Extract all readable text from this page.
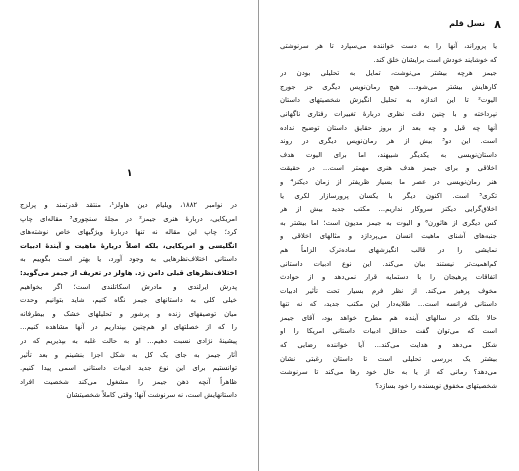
۱
در نوامبر ۱۸۸۲، ویلیام دین هاولز¹، منتقد قدرتمند و پرلزج
امریکایی، دربارهٔ هنری جیمز² در مجلهٔ سنچوری³ مقاله‌ای چاپ
کرد؛ چاپ این مقاله نه تنها دربارهٔ ویژگیهای خاص نوشته‌های
انگلیسی و امریکایی، بلکه اصلاً دربارهٔ ماهیت و آیندهٔ ادبیات
داستانی اختلاف‌نظرهایی به وجود آورد، یا بهتر است بگوییم به
اختلاف‌نظرهای قبلی دامن زد. هاولز در تعریف از جیمز می‌گوید:
پدرش ایرلندی و مادرش اسکاتلندی است؛ اگر بخواهیم
خیلی کلی به داستانهای جیمز نگاه کنیم، شاید بتوانیم وحدت
میان توصیفهای زنده و پرشور و تحلیلهای خشک و بیطرفانه
را که از خصلتهای او هم‌چنین بپنداریم در آنها مشاهده کنیم...
پیشینهٔ نژادی نسبت دهیم... او به حالت غلبه به بپذیریم که در
آثار جیمز به جای یک کل به شکل اجزا بنشینم و بعد تأثیر
توانستیم برای این نوع جدید ادبیات داستانی اسمی پیدا کنیم.
ظاهراً آنچه ذهن جیمز را مشغول می‌کند شخصیت افراد
داستانهایش است، نه سرنوشت آنها؛ وقتی کاملاً شخصیتشان
۸
نسل قلم
یا پروراند، آنها را به دست خواننده می‌سپارد تا هر سرنوشتی
که خوشایند خودش است برایشان خلق کند.
جیمز هرچه بیشتر می‌نوشت، تمایل به تحلیلی بودن در
کارهایش بیشتر می‌شود... هیچ رمان‌نویس دیگری جز جورج
الیوت² تا این اندازه به تحلیل انگیزش شخصیتهای داستان
نپرداخته و با چنین دقت نظری دربارهٔ تغییرات رفتاری ناگهانی
آنها چه قبل و چه بعد از بروز حقایق داستان توضیح نداده
است. این دو³ بیش از هر رمان‌نویس دیگری در روند
داستان‌نویسی به یکدیگر شبیهند، اما برای الیوت هدف
اخلاقی و برای جیمز هدف هنری مهمتر است... در حقیقت
هنر رمان‌نویسی در عصر ما بسیار ظریفتر از زمان دیکنز⁴ و
تکری⁵ است. اکنون دیگر با یکسان پرورسازار لکری یا
اخلاق‌گرایی دیکنز سروکار نداریم... مکتب جدید بیش از هر
کس دیگری از هاثورن⁶ و الیوت به جیمز مدیون است؛ اما بیشتر به
جنبه‌های آشنای ماهیت انسان می‌پردازد و مثالهای اخلاقی و
نمایشی را در قالب انگیزشهای ساده‌ترک الزاماً هم
کم‌اهمیت‌تر نیستند بیان می‌کند. این نوع ادبیات داستانی
اتفاقات پرهیجان را با دستمایه قرار نمی‌دهد و از حوادث
مخوف پرهیز می‌کند. از نظر فرم بسیار تحت تأثیر ادبیات
داستانی فرانسه است... طلایه‌دار این مکتب جدید، که نه تنها
حالا بلکه در سالهای آینده هم مطرح خواهد بود، آقای جیمز
است که می‌توان گفت حداقل ادبیات داستانی امریکا را او
شکل می‌دهد و هدایت می‌کند... آیا خواننده رضایی که
بیشتر یک بررسی تحلیلی است تا داستان رغبتی نشان
می‌دهد؟ رمانی که از یا به حال خود رها می‌کند تا سرنوشت
شخصیتهای مخفوق نویسنده را خود بسازد؟
